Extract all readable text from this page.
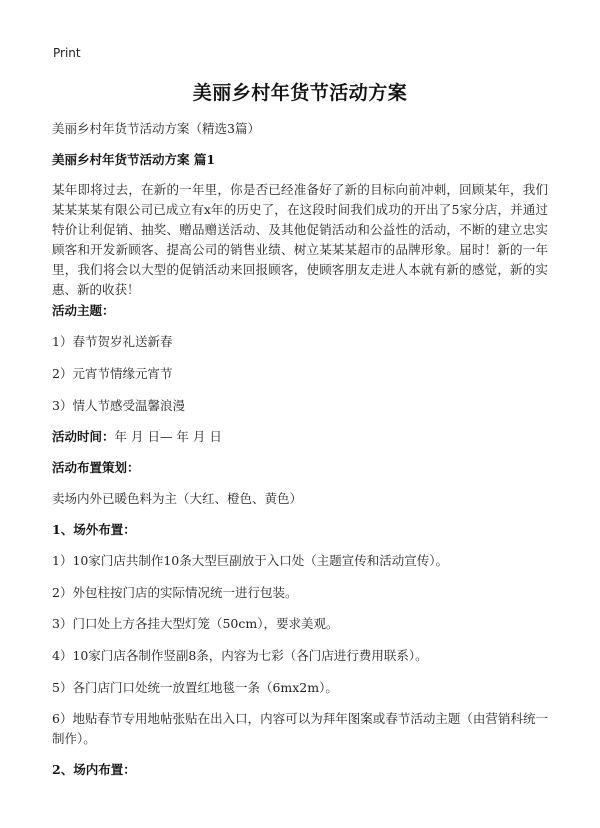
Print
美丽乡村年货节活动方案
美丽乡村年货节活动方案（精选3篇）
美丽乡村年货节活动方案 篇1
某年即将过去，在新的一年里，你是否已经准备好了新的目标向前冲刺，回顾某年，我们某某某某有限公司已成立有x年的历史了，在这段时间我们成功的开出了5家分店，并通过特价让利促销、抽奖、赠品赠送活动、及其他促销活动和公益性的活动，不断的建立忠实顾客和开发新顾客、提高公司的销售业绩、树立某某某超市的品牌形象。届时！新的一年里，我们将会以大型的促销活动来回报顾客，使顾客朋友走进人本就有新的感觉，新的实惠、新的收获！
活动主题：
1）春节贺岁礼送新春
2）元宵节情缘元宵节
3）情人节感受温馨浪漫
活动时间：年 月 日— 年 月 日
活动布置策划：
卖场内外已暖色料为主（大红、橙色、黄色）
1、场外布置：
1）10家门店共制作10条大型巨副放于入口处（主题宣传和活动宣传）。
2）外包柱按门店的实际情况统一进行包装。
3）门口处上方各挂大型灯笼（50cm），要求美观。
4）10家门店各制作竖副8条，内容为七彩（各门店进行费用联系）。
5）各门店门口处统一放置红地毯一条（6mx2m）。
6）地贴春节专用地帖张贴在出入口，内容可以为拜年图案或春节活动主题（由营销科统一制作）。
2、场内布置：
